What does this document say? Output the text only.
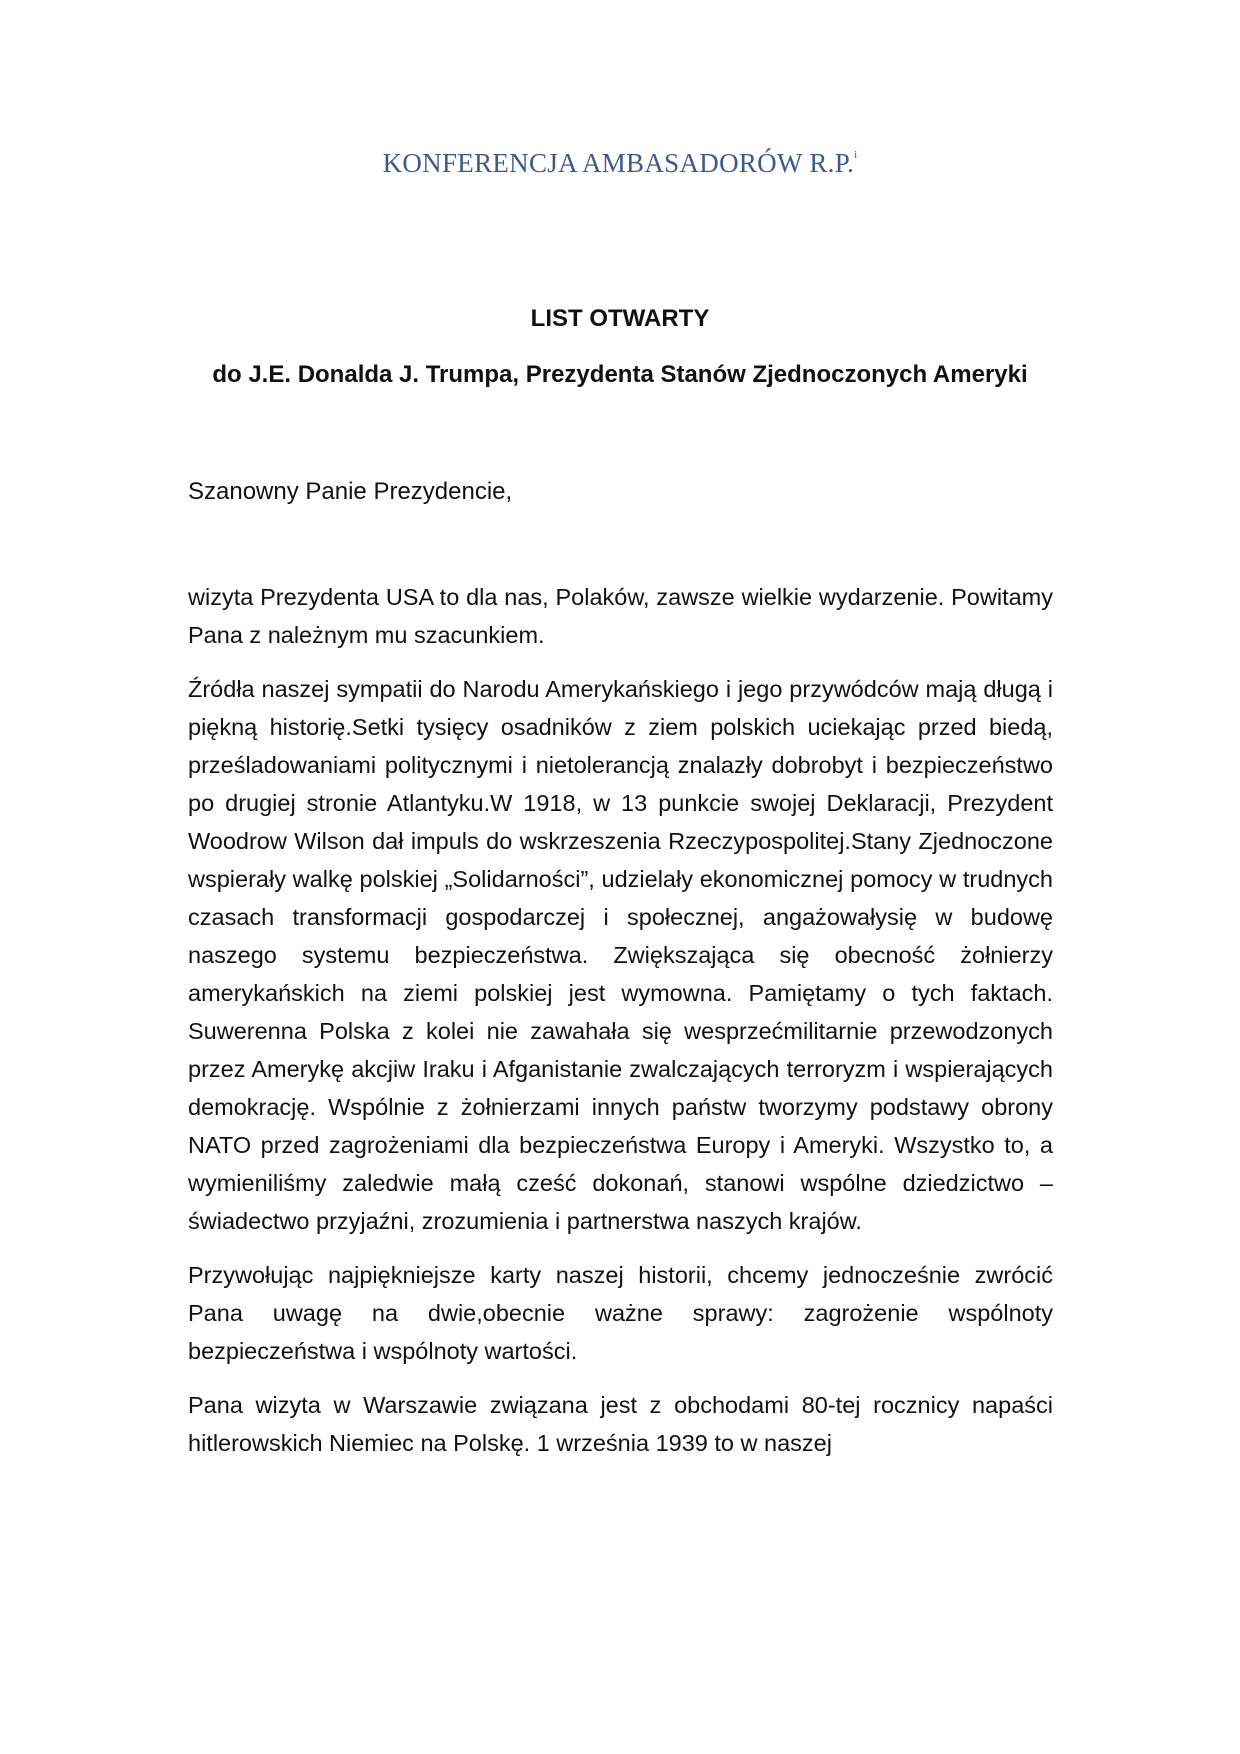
KONFERENCJA AMBASADORÓW R.P.$^i$
LIST OTWARTY
do J.E. Donalda J. Trumpa, Prezydenta Stanów Zjednoczonych Ameryki
Szanowny Panie Prezydencie,

wizyta Prezydenta USA to dla nas, Polaków, zawsze wielkie wydarzenie. Powitamy Pana z należnym mu szacunkiem.

Źródła naszej sympatii do Narodu Amerykańskiego i jego przywódców mają długą i piękną historię.Setki tysięcy osadników z ziem polskich uciekając przed biedą, prześladowaniami politycznymi i nietolerancją znalazły dobrobyt i bezpieczeństwo po drugiej stronie Atlantyku.W 1918, w 13 punkcie swojej Deklaracji, Prezydent Woodrow Wilson dał impuls do wskrzeszenia Rzeczypospolitej.Stany Zjednoczone wspierały walkę polskiej „Solidarności”, udzielały ekonomicznej pomocy w trudnych czasach transformacji gospodarczej i społecznej, angażowałysię w budowę naszego systemu bezpieczeństwa. Zwiększająca się obecność żołnierzy amerykańskich na ziemi polskiej jest wymowna. Pamiętamy o tych faktach. Suwerenna Polska z kolei nie zawahała się wesprzećmilitarnie przewodzonych przez Amerykę akcjiw Iraku i Afganistanie zwalczających terroryzm i wspierających demokrację. Wspólnie z żołnierzami innych państw tworzymy podstawy obrony NATO przed zagrożeniami dla bezpieczeństwa Europy i Ameryki. Wszystko to, a wymieniliśmy zaledwie małą cześć dokonań, stanowi wspólne dziedzictwo – świadectwo przyjaźni, zrozumienia i partnerstwa naszych krajów.

Przywołując najpiękniejsze karty naszej historii, chcemy jednocześnie zwrócić Pana uwagę na dwie,obecnie ważne sprawy: zagrożenie wspólnoty bezpieczeństwa i wspólnoty wartości.

Pana wizyta w Warszawie związana jest z obchodami 80-tej rocznicy napaści hitlerowskich Niemiec na Polskę. 1 września 1939 to w naszej
